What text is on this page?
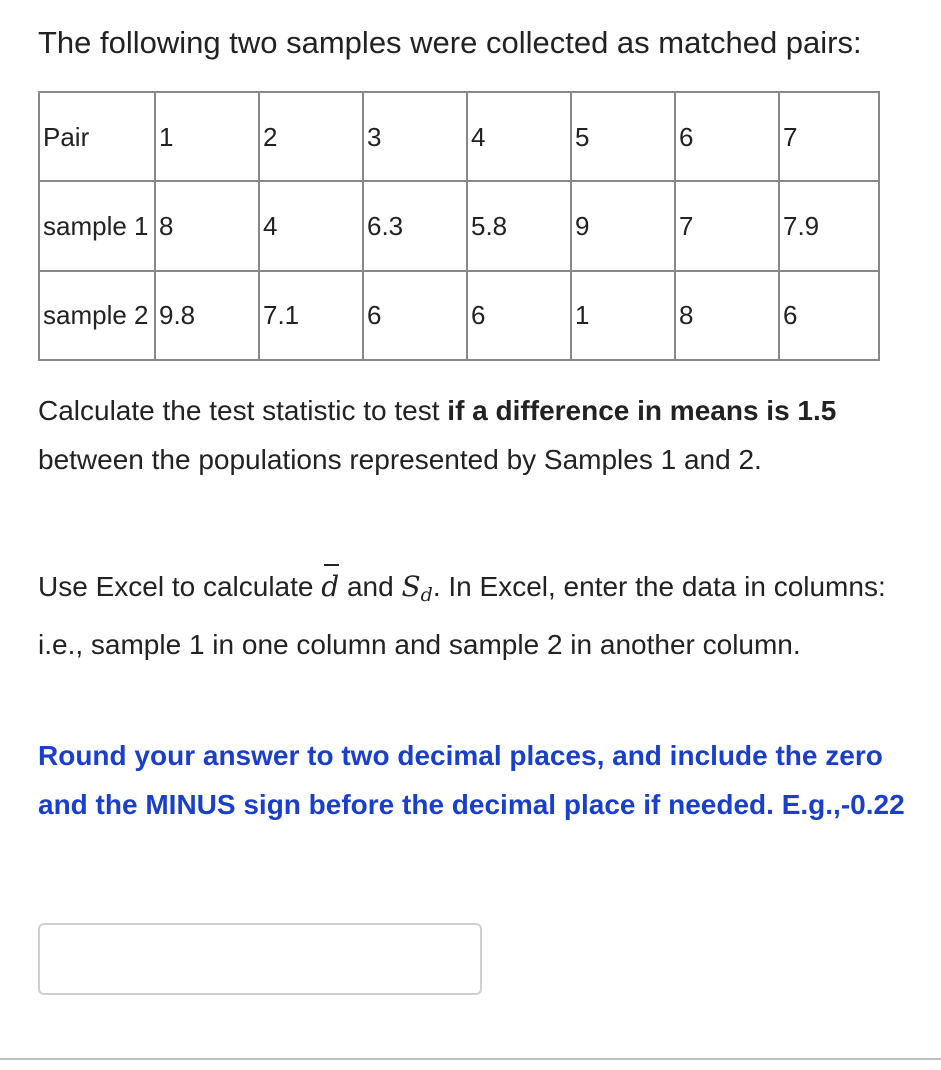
The following two samples were collected as matched pairs:

Pair	1	2	3	4	5	6	7
sample 1	8	4	6.3	5.8	9	7	7.9
sample 2	9.8	7.1	6	6	1	8	6

Calculate the test statistic to test if a difference in means is 1.5 between the populations represented by Samples 1 and 2.

Use Excel to calculate d and $S_d$. In Excel, enter the data in columns: i.e., sample 1 in one column and sample 2 in another column.

Round your answer to two decimal places, and include the zero and the MINUS sign before the decimal place if needed. E.g.,-0.22
